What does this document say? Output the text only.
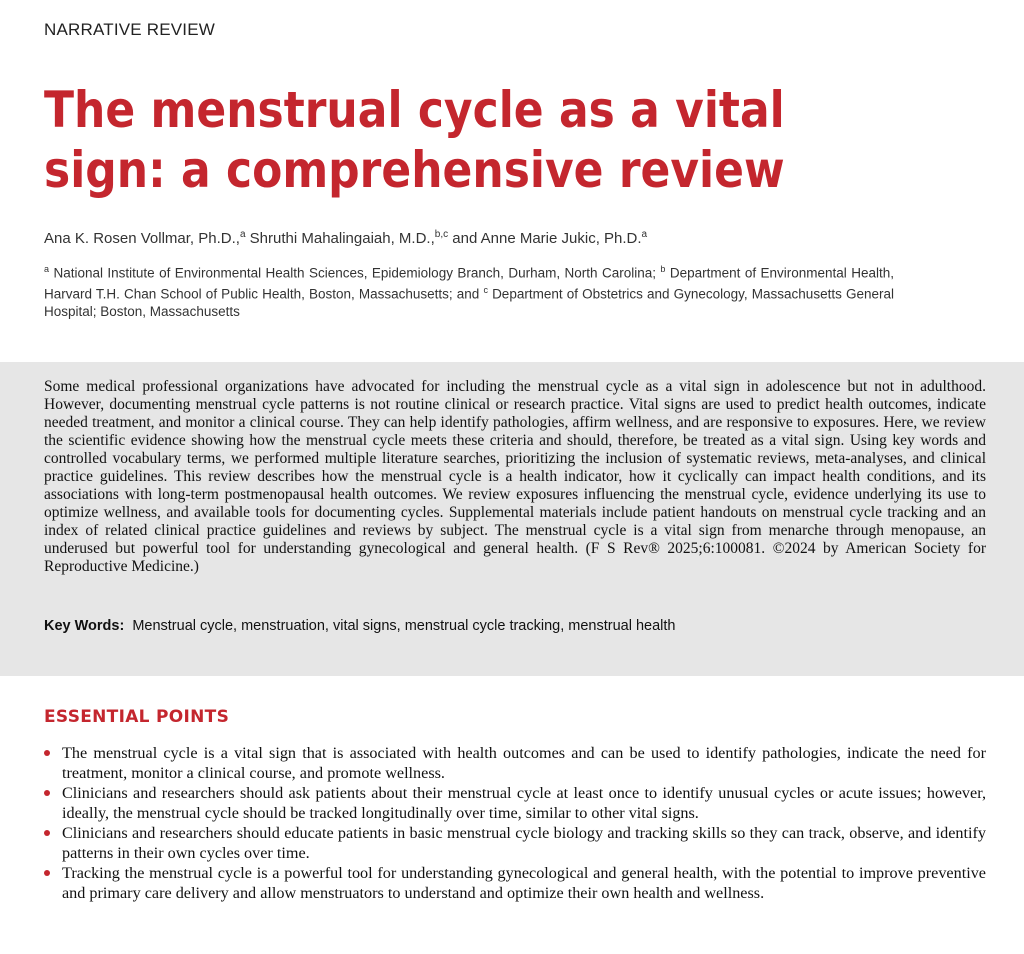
NARRATIVE REVIEW
The menstrual cycle as a vital sign: a comprehensive review
Ana K. Rosen Vollmar, Ph.D.,$^a$ Shruthi Mahalingaiah, M.D.,$^{b,c}$ and Anne Marie Jukic, Ph.D.$^a$
$^a$ National Institute of Environmental Health Sciences, Epidemiology Branch, Durham, North Carolina; $^b$ Department of Environmental Health, Harvard T.H. Chan School of Public Health, Boston, Massachusetts; and $^c$ Department of Obstetrics and Gynecology, Massachusetts General Hospital; Boston, Massachusetts

Some medical professional organizations have advocated for including the menstrual cycle as a vital sign in adolescence but not in adulthood. However, documenting menstrual cycle patterns is not routine clinical or research practice. Vital signs are used to predict health outcomes, indicate needed treatment, and monitor a clinical course. They can help identify pathologies, affirm wellness, and are responsive to exposures. Here, we review the scientific evidence showing how the menstrual cycle meets these criteria and should, therefore, be treated as a vital sign. Using key words and controlled vocabulary terms, we performed multiple literature searches, prioritizing the inclusion of systematic reviews, meta-analyses, and clinical practice guidelines. This review describes how the menstrual cycle is a health indicator, how it cyclically can impact health conditions, and its associations with long-term postmenopausal health outcomes. We review exposures influencing the menstrual cycle, evidence underlying its use to optimize wellness, and available tools for documenting cycles. Supplemental materials include patient handouts on menstrual cycle tracking and an index of related clinical practice guidelines and reviews by subject. The menstrual cycle is a vital sign from menarche through menopause, an underused but powerful tool for understanding gynecological and general health. (F S Rev® 2025;6:100081. ©2024 by American Society for Reproductive Medicine.)

Key Words: Menstrual cycle, menstruation, vital signs, menstrual cycle tracking, menstrual health
ESSENTIAL POINTS
The menstrual cycle is a vital sign that is associated with health outcomes and can be used to identify pathologies, indicate the need for treatment, monitor a clinical course, and promote wellness.
Clinicians and researchers should ask patients about their menstrual cycle at least once to identify unusual cycles or acute issues; however, ideally, the menstrual cycle should be tracked longitudinally over time, similar to other vital signs.
Clinicians and researchers should educate patients in basic menstrual cycle biology and tracking skills so they can track, observe, and identify patterns in their own cycles over time.
Tracking the menstrual cycle is a powerful tool for understanding gynecological and general health, with the potential to improve preventive and primary care delivery and allow menstruators to understand and optimize their own health and wellness.
